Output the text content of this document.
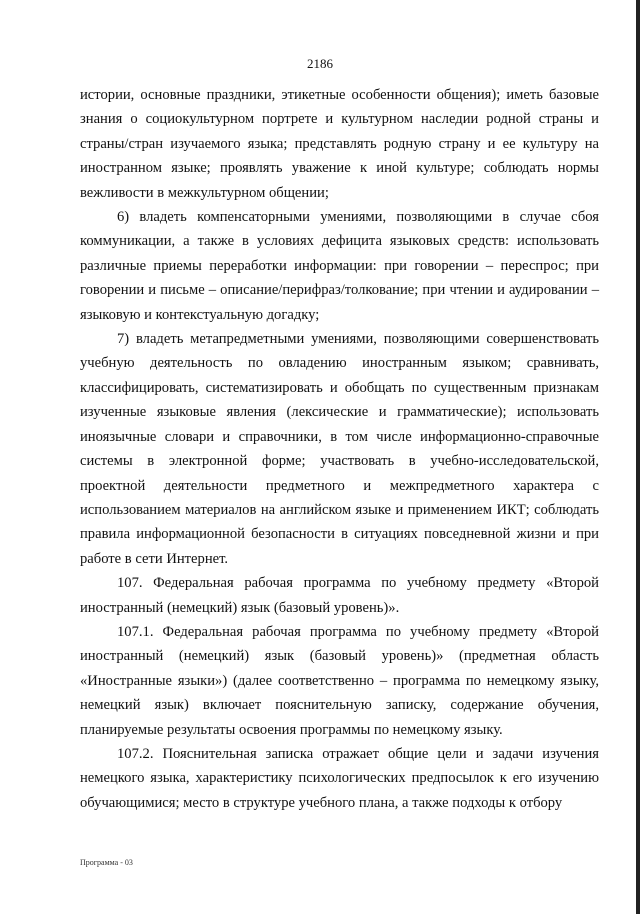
2186

истории, основные праздники, этикетные особенности общения); иметь базовые знания о социокультурном портрете и культурном наследии родной страны и страны/стран изучаемого языка; представлять родную страну и ее культуру на иностранном языке; проявлять уважение к иной культуре; соблюдать нормы вежливости в межкультурном общении;

6) владеть компенсаторными умениями, позволяющими в случае сбоя коммуникации, а также в условиях дефицита языковых средств: использовать различные приемы переработки информации: при говорении – переспрос; при говорении и письме – описание/перифраз/толкование; при чтении и аудировании – языковую и контекстуальную догадку;

7) владеть метапредметными умениями, позволяющими совершенствовать учебную деятельность по овладению иностранным языком; сравнивать, классифицировать, систематизировать и обобщать по существенным признакам изученные языковые явления (лексические и грамматические); использовать иноязычные словари и справочники, в том числе информационно-справочные системы в электронной форме; участвовать в учебно-исследовательской, проектной деятельности предметного и межпредметного характера с использованием материалов на английском языке и применением ИКТ; соблюдать правила информационной безопасности в ситуациях повседневной жизни и при работе в сети Интернет.

107. Федеральная рабочая программа по учебному предмету «Второй иностранный (немецкий) язык (базовый уровень)».

107.1. Федеральная рабочая программа по учебному предмету «Второй иностранный (немецкий) язык (базовый уровень)» (предметная область «Иностранные языки») (далее соответственно – программа по немецкому языку, немецкий язык) включает пояснительную записку, содержание обучения, планируемые результаты освоения программы по немецкому языку.

107.2. Пояснительная записка отражает общие цели и задачи изучения немецкого языка, характеристику психологических предпосылок к его изучению обучающимися; место в структуре учебного плана, а также подходы к отбору

Программа - 03
